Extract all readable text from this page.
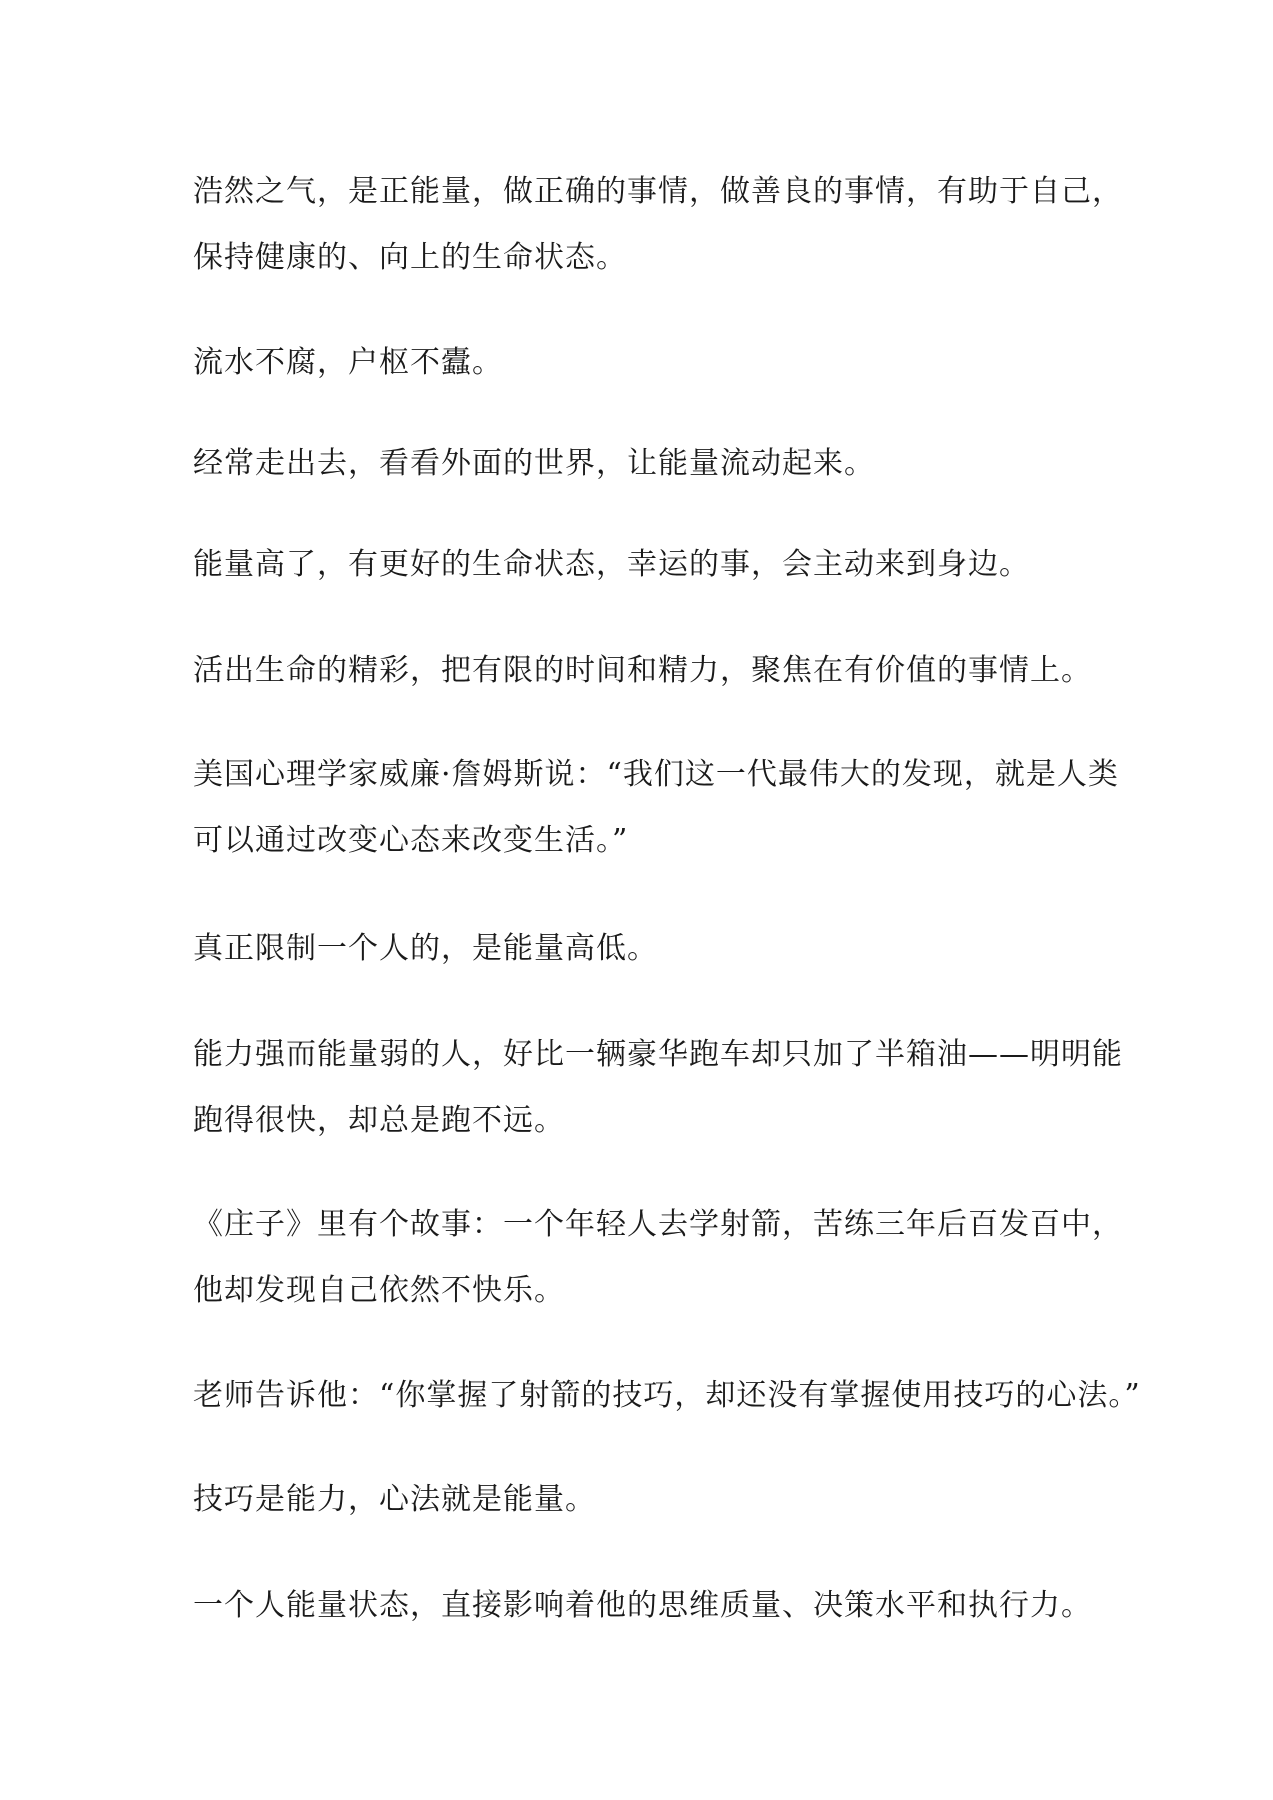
浩然之气，是正能量，做正确的事情，做善良的事情，有助于自己，
保持健康的、向上的生命状态。

流水不腐，户枢不蠹。

经常走出去，看看外面的世界，让能量流动起来。

能量高了，有更好的生命状态，幸运的事，会主动来到身边。

活出生命的精彩，把有限的时间和精力，聚焦在有价值的事情上。

美国心理学家威廉·詹姆斯说：“我们这一代最伟大的发现，就是人类
可以通过改变心态来改变生活。”

真正限制一个人的，是能量高低。

能力强而能量弱的人，好比一辆豪华跑车却只加了半箱油——明明能
跑得很快，却总是跑不远。

《庄子》里有个故事：一个年轻人去学射箭，苦练三年后百发百中，
他却发现自己依然不快乐。

老师告诉他：“你掌握了射箭的技巧，却还没有掌握使用技巧的心法。”

技巧是能力，心法就是能量。

一个人能量状态，直接影响着他的思维质量、决策水平和执行力。
